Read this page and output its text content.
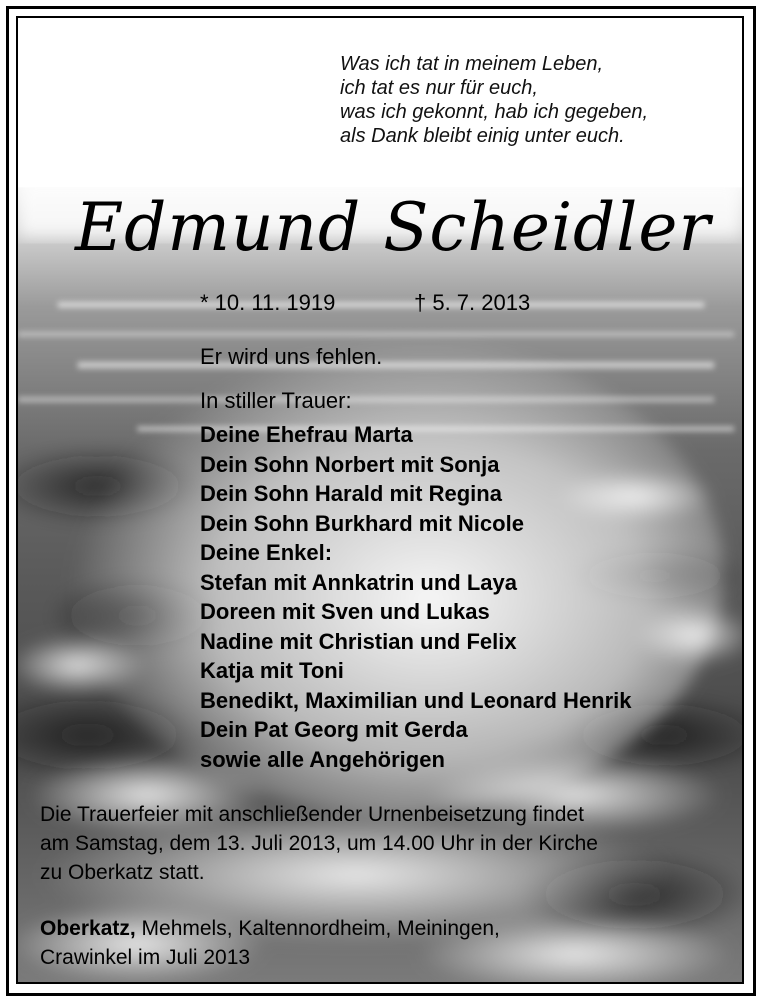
Was ich tat in meinem Leben,
ich tat es nur für euch,
was ich gekonnt, hab ich gegeben,
als Dank bleibt einig unter euch.
Edmund Scheidler
* 10. 11. 1919	† 5. 7. 2013
Er wird uns fehlen.
In stiller Trauer:
Deine Ehefrau Marta
Dein Sohn Norbert mit Sonja
Dein Sohn Harald mit Regina
Dein Sohn Burkhard mit Nicole
Deine Enkel:
Stefan mit Annkatrin und Laya
Doreen mit Sven und Lukas
Nadine mit Christian und Felix
Katja mit Toni
Benedikt, Maximilian und Leonard Henrik
Dein Pat Georg mit Gerda
sowie alle Angehörigen
Die Trauerfeier mit anschließender Urnenbeisetzung findet
am Samstag, dem 13. Juli 2013, um 14.00 Uhr in der Kirche
zu Oberkatz statt.
Oberkatz, Mehmels, Kaltennordheim, Meiningen,
Crawinkel im Juli 2013
